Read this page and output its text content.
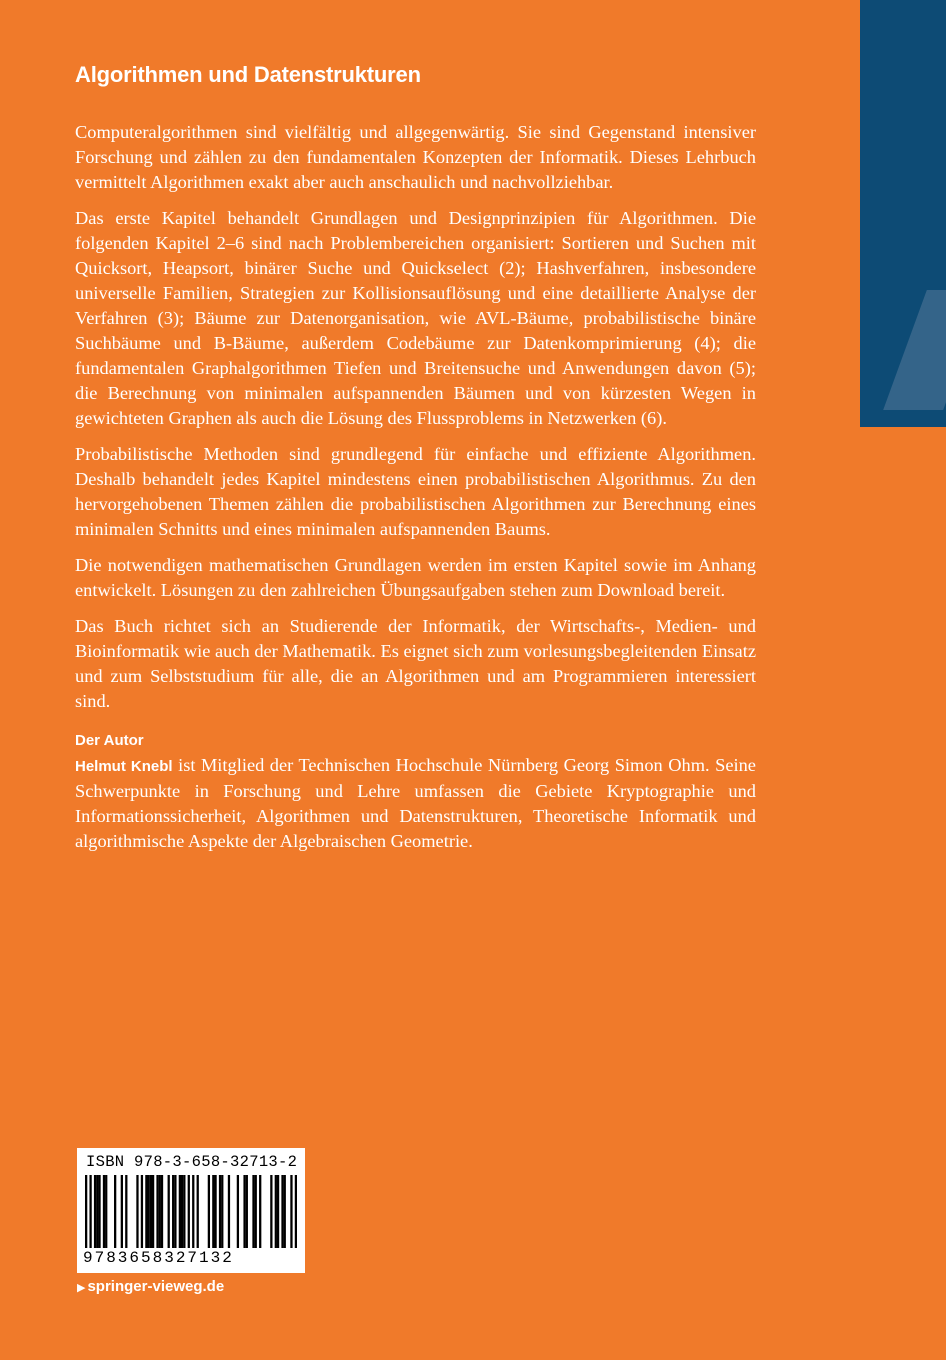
Algorithmen und Datenstrukturen

Computeralgorithmen sind vielfältig und allgegenwärtig. Sie sind Gegenstand intensiver Forschung und zählen zu den fundamentalen Konzepten der Informatik. Dieses Lehrbuch vermittelt Algorithmen exakt aber auch anschaulich und nachvollziehbar.

Das erste Kapitel behandelt Grundlagen und Designprinzipien für Algorithmen. Die folgenden Kapitel 2–6 sind nach Problembereichen organisiert: Sortieren und Suchen mit Quicksort, Heapsort, binärer Suche und Quickselect (2); Hashverfahren, insbesondere universelle Familien, Strategien zur Kollisionsauflösung und eine detaillierte Analyse der Verfahren (3); Bäume zur Datenorganisation, wie AVL-Bäume, probabilistische binäre Suchbäume und B-Bäume, außerdem Codebäume zur Datenkomprimierung (4); die fundamentalen Graphalgorithmen Tiefen und Breitensuche und Anwendungen davon (5); die Berechnung von minimalen aufspannenden Bäumen und von kürzesten Wegen in gewichteten Graphen als auch die Lösung des Flussproblems in Netzwerken (6).

Probabilistische Methoden sind grundlegend für einfache und effiziente Algorithmen. Deshalb behandelt jedes Kapitel mindestens einen probabilistischen Algorithmus. Zu den hervorgehobenen Themen zählen die probabilistischen Algorithmen zur Berechnung eines minimalen Schnitts und eines minimalen aufspannenden Baums.

Die notwendigen mathematischen Grundlagen werden im ersten Kapitel sowie im Anhang entwickelt. Lösungen zu den zahlreichen Übungsaufgaben stehen zum Download bereit.

Das Buch richtet sich an Studierende der Informatik, der Wirtschafts-, Medien- und Bioinformatik wie auch der Mathematik. Es eignet sich zum vorlesungsbegleitenden Einsatz und zum Selbststudium für alle, die an Algorithmen und am Programmieren interessiert sind.

Der Autor

Helmut Knebl ist Mitglied der Technischen Hochschule Nürnberg Georg Simon Ohm. Seine Schwerpunkte in Forschung und Lehre umfassen die Gebiete Kryptographie und Informationssicherheit, Algorithmen und Datenstrukturen, Theoretische Informatik und algorithmische Aspekte der Algebraischen Geometrie.

ISBN 978-3-658-32713-2
9783658327132
▶ springer-vieweg.de
